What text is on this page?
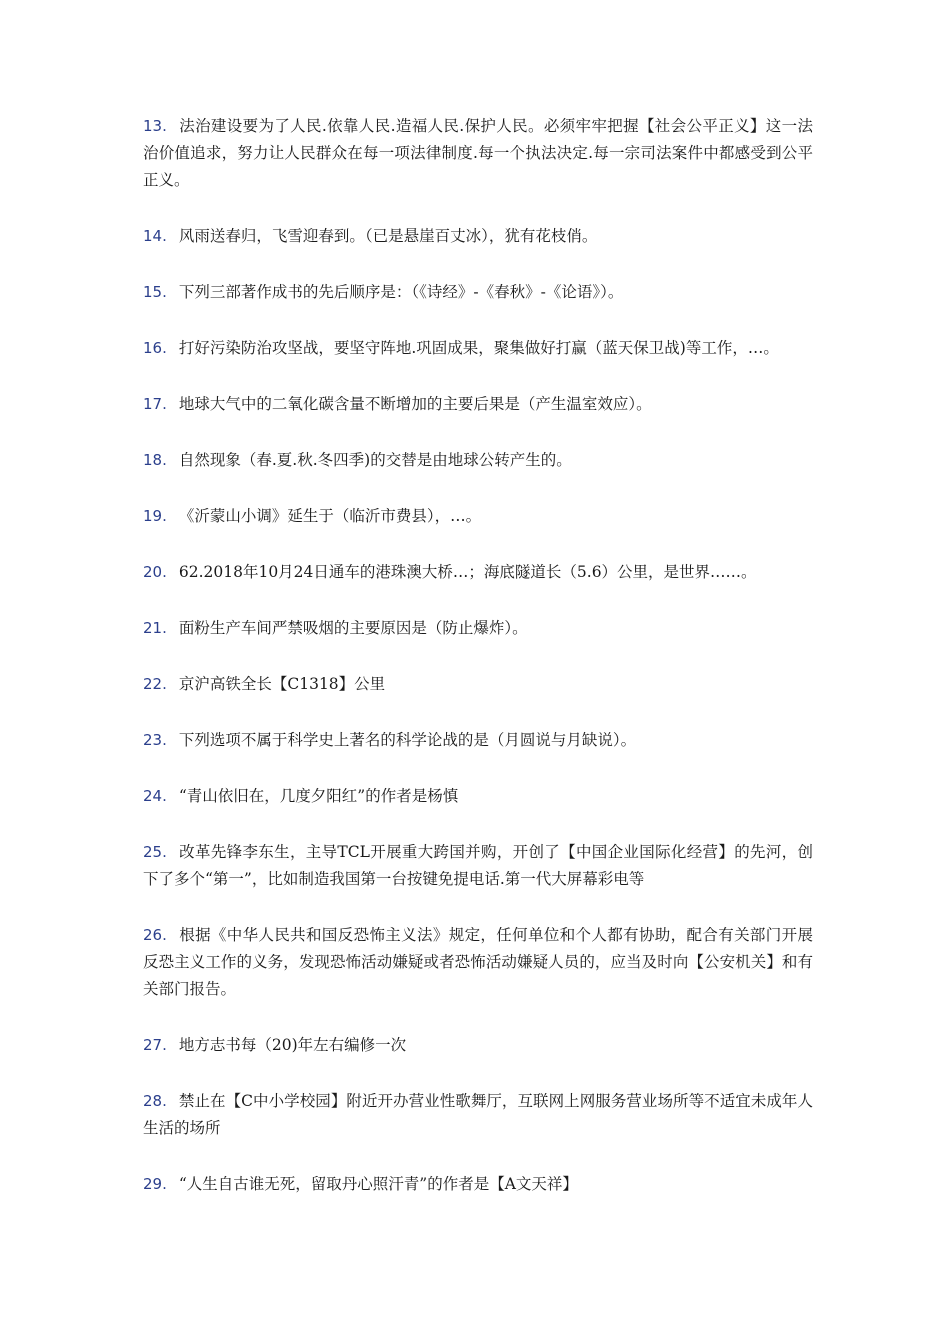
13. 法治建设要为了人民.依靠人民.造福人民.保护人民。必须牢牢把握【社会公平正义】这一法治价值追求，努力让人民群众在每一项法律制度.每一个执法决定.每一宗司法案件中都感受到公平正义。

14. 风雨送春归，飞雪迎春到。（已是悬崖百丈冰），犹有花枝俏。

15. 下列三部著作成书的先后顺序是：（《诗经》-《春秋》-《论语》）。

16. 打好污染防治攻坚战，要坚守阵地.巩固成果，聚集做好打赢（蓝天保卫战)等工作，…。

17. 地球大气中的二氧化碳含量不断增加的主要后果是（产生温室效应）。

18. 自然现象（春.夏.秋.冬四季)的交替是由地球公转产生的。

19. 《沂蒙山小调》延生于（临沂市费县），…。

20. 62.2018年10月24日通车的港珠澳大桥…；海底隧道长（5.6）公里，是世界……。

21. 面粉生产车间严禁吸烟的主要原因是（防止爆炸）。

22. 京沪高铁全长【C1318】公里

23. 下列选项不属于科学史上著名的科学论战的是（月圆说与月缺说）。

24. “青山依旧在，几度夕阳红”的作者是杨慎

25. 改革先锋李东生，主导TCL开展重大跨国并购，开创了【中国企业国际化经营】的先河，创下了多个“第一”，比如制造我国第一台按键免提电话.第一代大屏幕彩电等

26. 根据《中华人民共和国反恐怖主义法》规定，任何单位和个人都有协助，配合有关部门开展反恐主义工作的义务，发现恐怖活动嫌疑或者恐怖活动嫌疑人员的，应当及时向【公安机关】和有关部门报告。

27. 地方志书每（20)年左右编修一次

28. 禁止在【C中小学校园】附近开办营业性歌舞厅，互联网上网服务营业场所等不适宜未成年人生活的场所

29. “人生自古谁无死，留取丹心照汗青”的作者是【A文天祥】
